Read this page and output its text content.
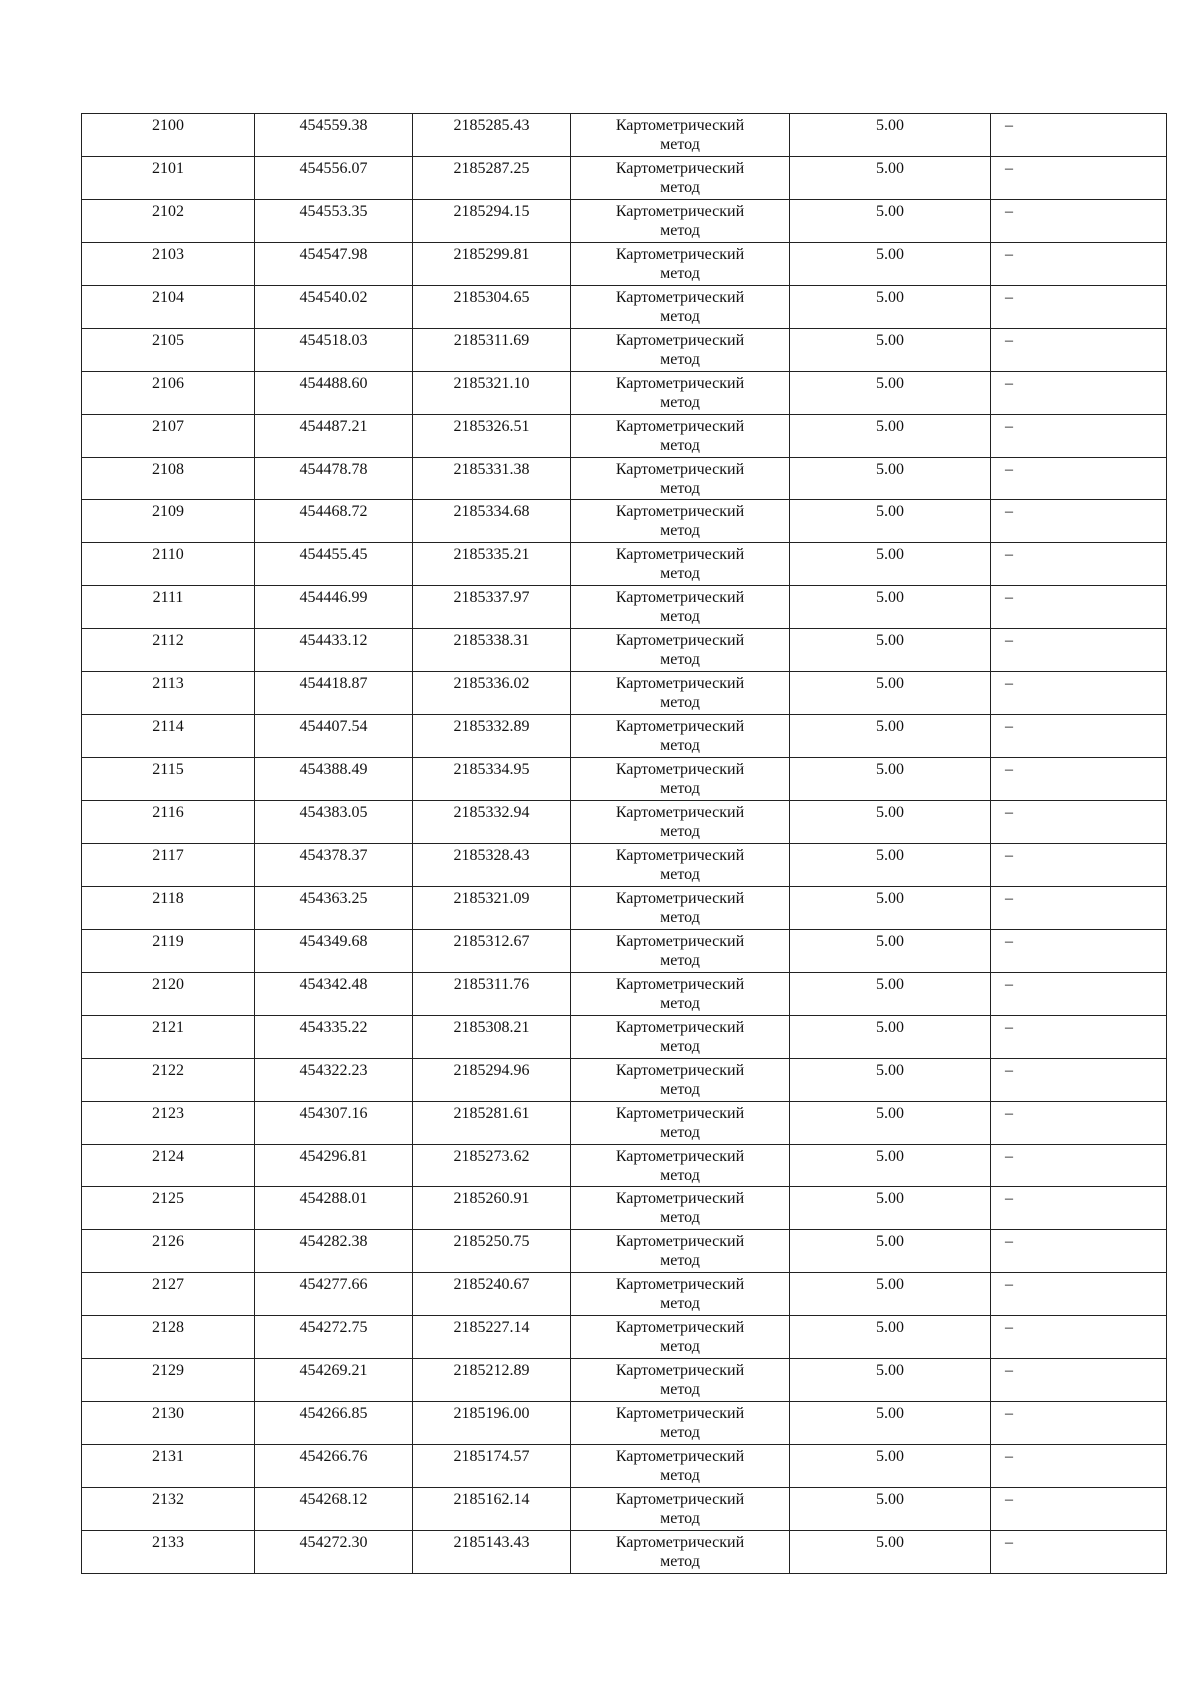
2100	454559.38	2185285.43	Картометрический
метод	5.00	–

2101	454556.07	2185287.25	Картометрический
метод	5.00	–

2102	454553.35	2185294.15	Картометрический
метод	5.00	–

2103	454547.98	2185299.81	Картометрический
метод	5.00	–

2104	454540.02	2185304.65	Картометрический
метод	5.00	–

2105	454518.03	2185311.69	Картометрический
метод	5.00	–

2106	454488.60	2185321.10	Картометрический
метод	5.00	–

2107	454487.21	2185326.51	Картометрический
метод	5.00	–

2108	454478.78	2185331.38	Картометрический
метод	5.00	–

2109	454468.72	2185334.68	Картометрический
метод	5.00	–

2110	454455.45	2185335.21	Картометрический
метод	5.00	–

2111	454446.99	2185337.97	Картометрический
метод	5.00	–

2112	454433.12	2185338.31	Картометрический
метод	5.00	–

2113	454418.87	2185336.02	Картометрический
метод	5.00	–

2114	454407.54	2185332.89	Картометрический
метод	5.00	–

2115	454388.49	2185334.95	Картометрический
метод	5.00	–

2116	454383.05	2185332.94	Картометрический
метод	5.00	–

2117	454378.37	2185328.43	Картометрический
метод	5.00	–

2118	454363.25	2185321.09	Картометрический
метод	5.00	–

2119	454349.68	2185312.67	Картометрический
метод	5.00	–

2120	454342.48	2185311.76	Картометрический
метод	5.00	–

2121	454335.22	2185308.21	Картометрический
метод	5.00	–

2122	454322.23	2185294.96	Картометрический
метод	5.00	–

2123	454307.16	2185281.61	Картометрический
метод	5.00	–

2124	454296.81	2185273.62	Картометрический
метод	5.00	–

2125	454288.01	2185260.91	Картометрический
метод	5.00	–

2126	454282.38	2185250.75	Картометрический
метод	5.00	–

2127	454277.66	2185240.67	Картометрический
метод	5.00	–

2128	454272.75	2185227.14	Картометрический
метод	5.00	–

2129	454269.21	2185212.89	Картометрический
метод	5.00	–

2130	454266.85	2185196.00	Картометрический
метод	5.00	–

2131	454266.76	2185174.57	Картометрический
метод	5.00	–

2132	454268.12	2185162.14	Картометрический
метод	5.00	–

2133	454272.30	2185143.43	Картометрический
метод	5.00	–
